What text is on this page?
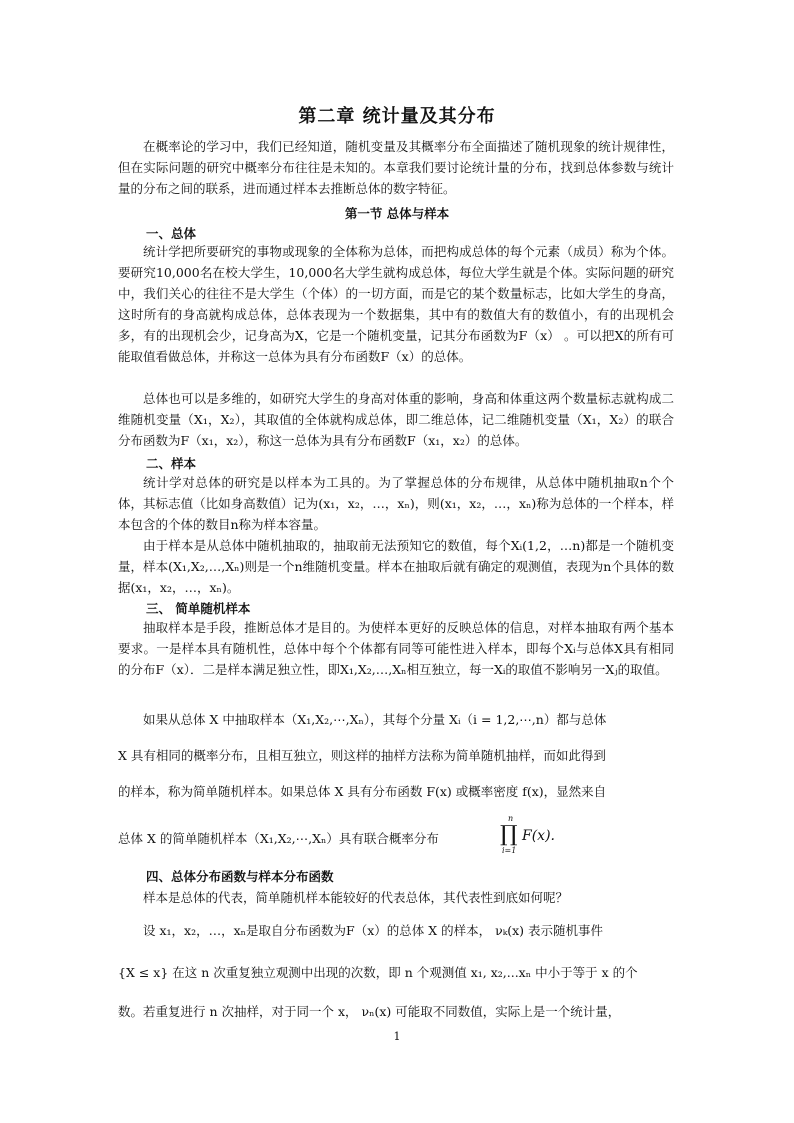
第二章 统计量及其分布

在概率论的学习中，我们已经知道，随机变量及其概率分布全面描述了随机现象的统计规律性，但在实际问题的研究中概率分布往往是未知的。本章我们要讨论统计量的分布，找到总体参数与统计量的分布之间的联系，进而通过样本去推断总体的数字特征。

第一节 总体与样本
一、总体

统计学把所要研究的事物或现象的全体称为总体，而把构成总体的每个元素（成员）称为个体。要研究10,000名在校大学生，10,000名大学生就构成总体，每位大学生就是个体。实际问题的研究中，我们关心的往往不是大学生（个体）的一切方面，而是它的某个数量标志，比如大学生的身高，这时所有的身高就构成总体，总体表现为一个数据集，其中有的数值大有的数值小，有的出现机会多，有的出现机会少，记身高为X，它是一个随机变量，记其分布函数为F（x） 。可以把X的所有可能取值看做总体，并称这一总体为具有分布函数F（x）的总体。

总体也可以是多维的，如研究大学生的身高对体重的影响，身高和体重这两个数量标志就构成二维随机变量（X₁，X₂），其取值的全体就构成总体，即二维总体，记二维随机变量（X₁，X₂）的联合分布函数为F（x₁，x₂），称这一总体为具有分布函数F（x₁，x₂）的总体。

二、样本

统计学对总体的研究是以样本为工具的。为了掌握总体的分布规律，从总体中随机抽取n个个体，其标志值（比如身高数值）记为(x₁，x₂，…，xₙ)，则(x₁，x₂，…，xₙ)称为总体的一个样本，样本包含的个体的数目n称为样本容量。

由于样本是从总体中随机抽取的，抽取前无法预知它的数值，每个Xᵢ(1,2，…n)都是一个随机变量，样本(X₁,X₂,…,Xₙ)则是一个n维随机变量。样本在抽取后就有确定的观测值，表现为n个具体的数据(x₁，x₂，…，xₙ)。

三、 简单随机样本

抽取样本是手段，推断总体才是目的。为使样本更好的反映总体的信息，对样本抽取有两个基本要求。一是样本具有随机性，总体中每个个体都有同等可能性进入样本，即每个Xᵢ与总体X具有相同的分布F（x）．二是样本满足独立性，即X₁,X₂,…,Xₙ相互独立，每一Xᵢ的取值不影响另一Xⱼ的取值。

如果从总体 X 中抽取样本（X₁,X₂,⋯,Xₙ），其每个分量 Xᵢ（i = 1,2,⋯,n）都与总体
X 具有相同的概率分布，且相互独立，则这样的抽样方法称为简单随机抽样，而如此得到
的样本，称为简单随机样本。如果总体 X 具有分布函数 F(x) 或概率密度 f(x)，显然来自
总体 X 的简单随机样本（X₁,X₂,⋯,Xₙ）具有联合概率分布
n
∏
i=1
F(x).
四、总体分布函数与样本分布函数
样本是总体的代表，简单随机样本能较好的代表总体，其代表性到底如何呢？
设 x₁，x₂，…，xₙ是取自分布函数为F（x）的总体 X 的样本， νₖ(x) 表示随机事件
{X ≤ x} 在这 n 次重复独立观测中出现的次数，即 n 个观测值 x₁, x₂,...xₙ 中小于等于 x 的个
数。若重复进行 n 次抽样，对于同一个 x， νₙ(x) 可能取不同数值，实际上是一个统计量，
1
